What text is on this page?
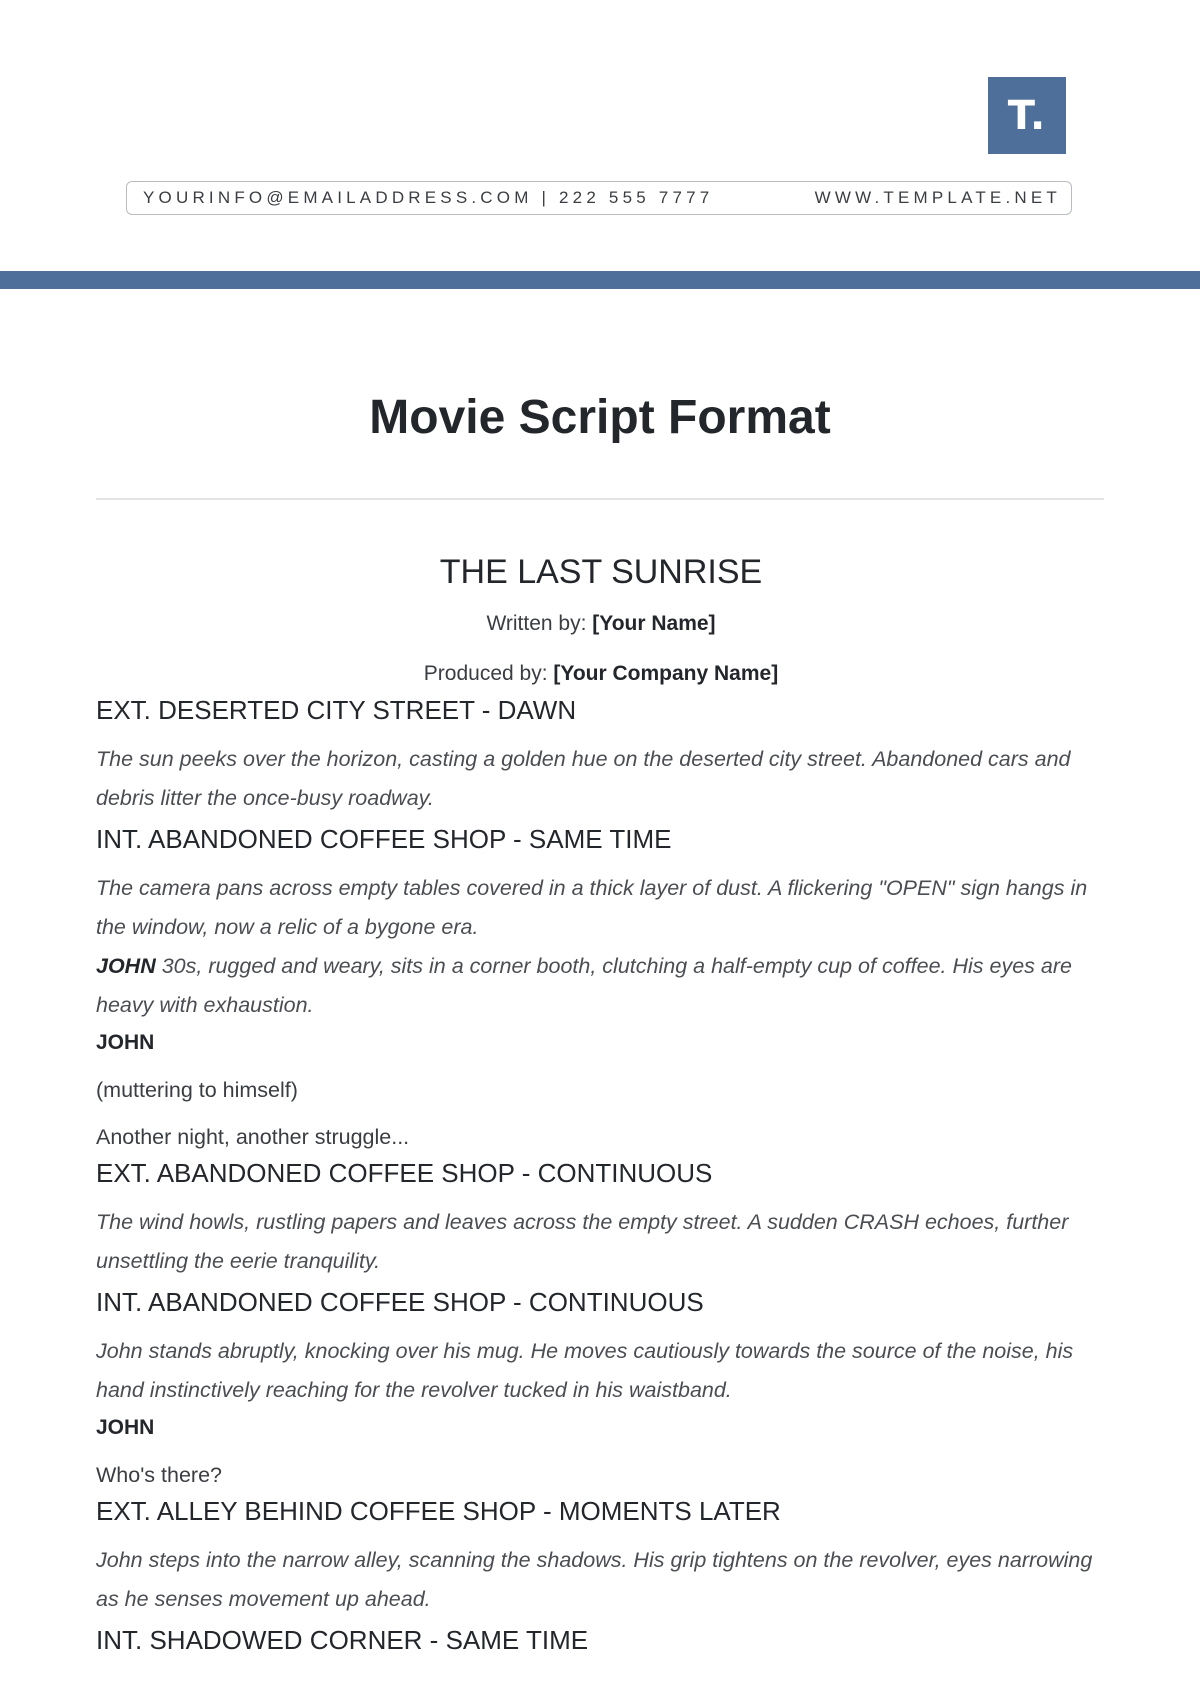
T.
YOURINFO@EMAILADDRESS.COM | 222 555 7777	WWW.TEMPLATE.NET
Movie Script Format
THE LAST SUNRISE

Written by: [Your Name]

Produced by: [Your Company Name]

EXT. DESERTED CITY STREET - DAWN

The sun peeks over the horizon, casting a golden hue on the deserted city street. Abandoned cars and debris litter the once-busy roadway.

INT. ABANDONED COFFEE SHOP - SAME TIME

The camera pans across empty tables covered in a thick layer of dust. A flickering "OPEN" sign hangs in the window, now a relic of a bygone era.

JOHN 30s, rugged and weary, sits in a corner booth, clutching a half-empty cup of coffee. His eyes are heavy with exhaustion.

JOHN

(muttering to himself)

Another night, another struggle...

EXT. ABANDONED COFFEE SHOP - CONTINUOUS

The wind howls, rustling papers and leaves across the empty street. A sudden CRASH echoes, further unsettling the eerie tranquility.

INT. ABANDONED COFFEE SHOP - CONTINUOUS

John stands abruptly, knocking over his mug. He moves cautiously towards the source of the noise, his hand instinctively reaching for the revolver tucked in his waistband.

JOHN

Who's there?

EXT. ALLEY BEHIND COFFEE SHOP - MOMENTS LATER

John steps into the narrow alley, scanning the shadows. His grip tightens on the revolver, eyes narrowing as he senses movement up ahead.

INT. SHADOWED CORNER - SAME TIME
